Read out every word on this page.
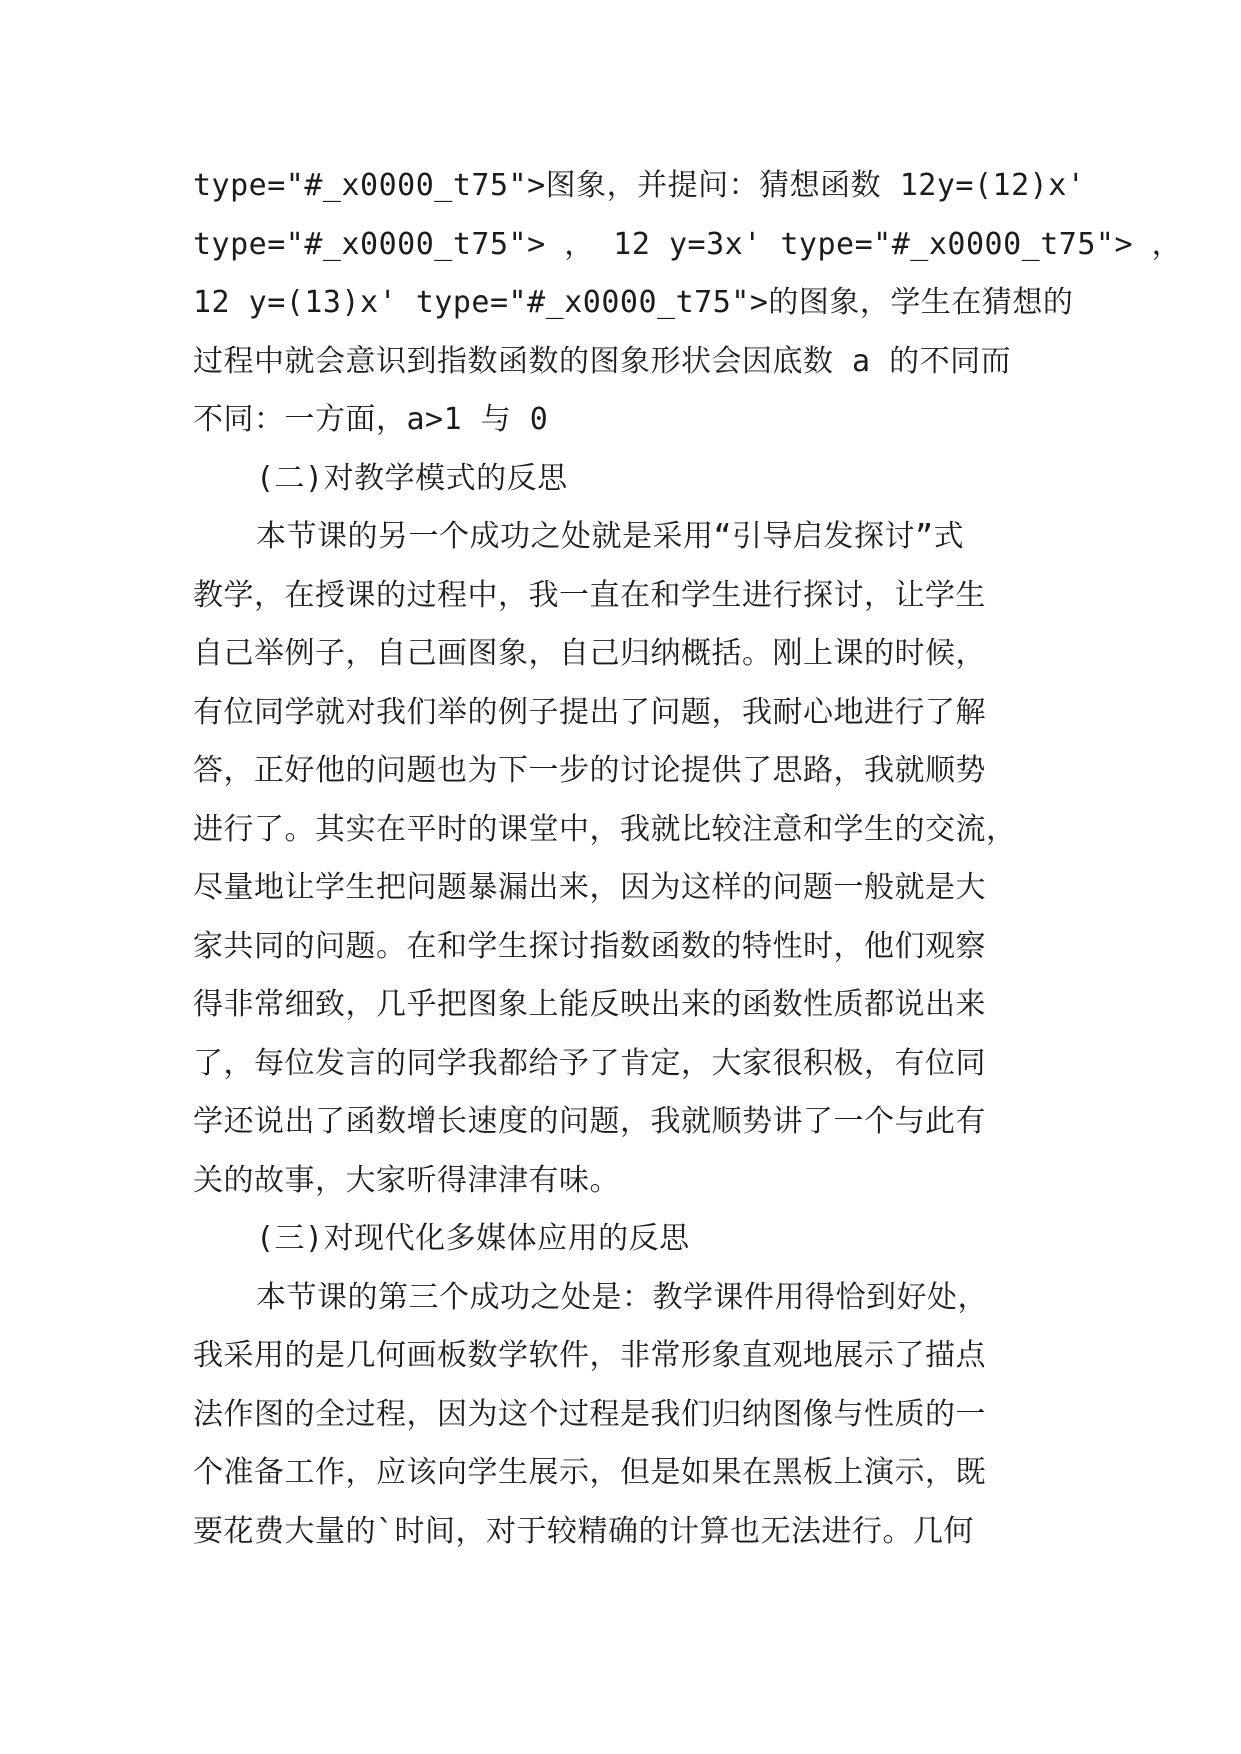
type="#_x0000_t75">图象，并提问：猜想函数 12y=(12)x'
type="#_x0000_t75"> ， 12 y=3x' type="#_x0000_t75"> ，
12 y=(13)x' type="#_x0000_t75">的图象，学生在猜想的
过程中就会意识到指数函数的图象形状会因底数 a 的不同而
不同：一方面，a>1 与 0
(二)对教学模式的反思
本节课的另一个成功之处就是采用“引导启发探讨”式
教学，在授课的过程中，我一直在和学生进行探讨，让学生
自己举例子，自己画图象，自己归纳概括。刚上课的时候，
有位同学就对我们举的例子提出了问题，我耐心地进行了解
答，正好他的问题也为下一步的讨论提供了思路，我就顺势
进行了。其实在平时的课堂中，我就比较注意和学生的交流，
尽量地让学生把问题暴漏出来，因为这样的问题一般就是大
家共同的问题。在和学生探讨指数函数的特性时，他们观察
得非常细致，几乎把图象上能反映出来的函数性质都说出来
了，每位发言的同学我都给予了肯定，大家很积极，有位同
学还说出了函数增长速度的问题，我就顺势讲了一个与此有
关的故事，大家听得津津有味。
(三)对现代化多媒体应用的反思
本节课的第三个成功之处是：教学课件用得恰到好处，
我采用的是几何画板数学软件，非常形象直观地展示了描点
法作图的全过程，因为这个过程是我们归纳图像与性质的一
个准备工作，应该向学生展示，但是如果在黑板上演示，既
要花费大量的`时间，对于较精确的计算也无法进行。几何
